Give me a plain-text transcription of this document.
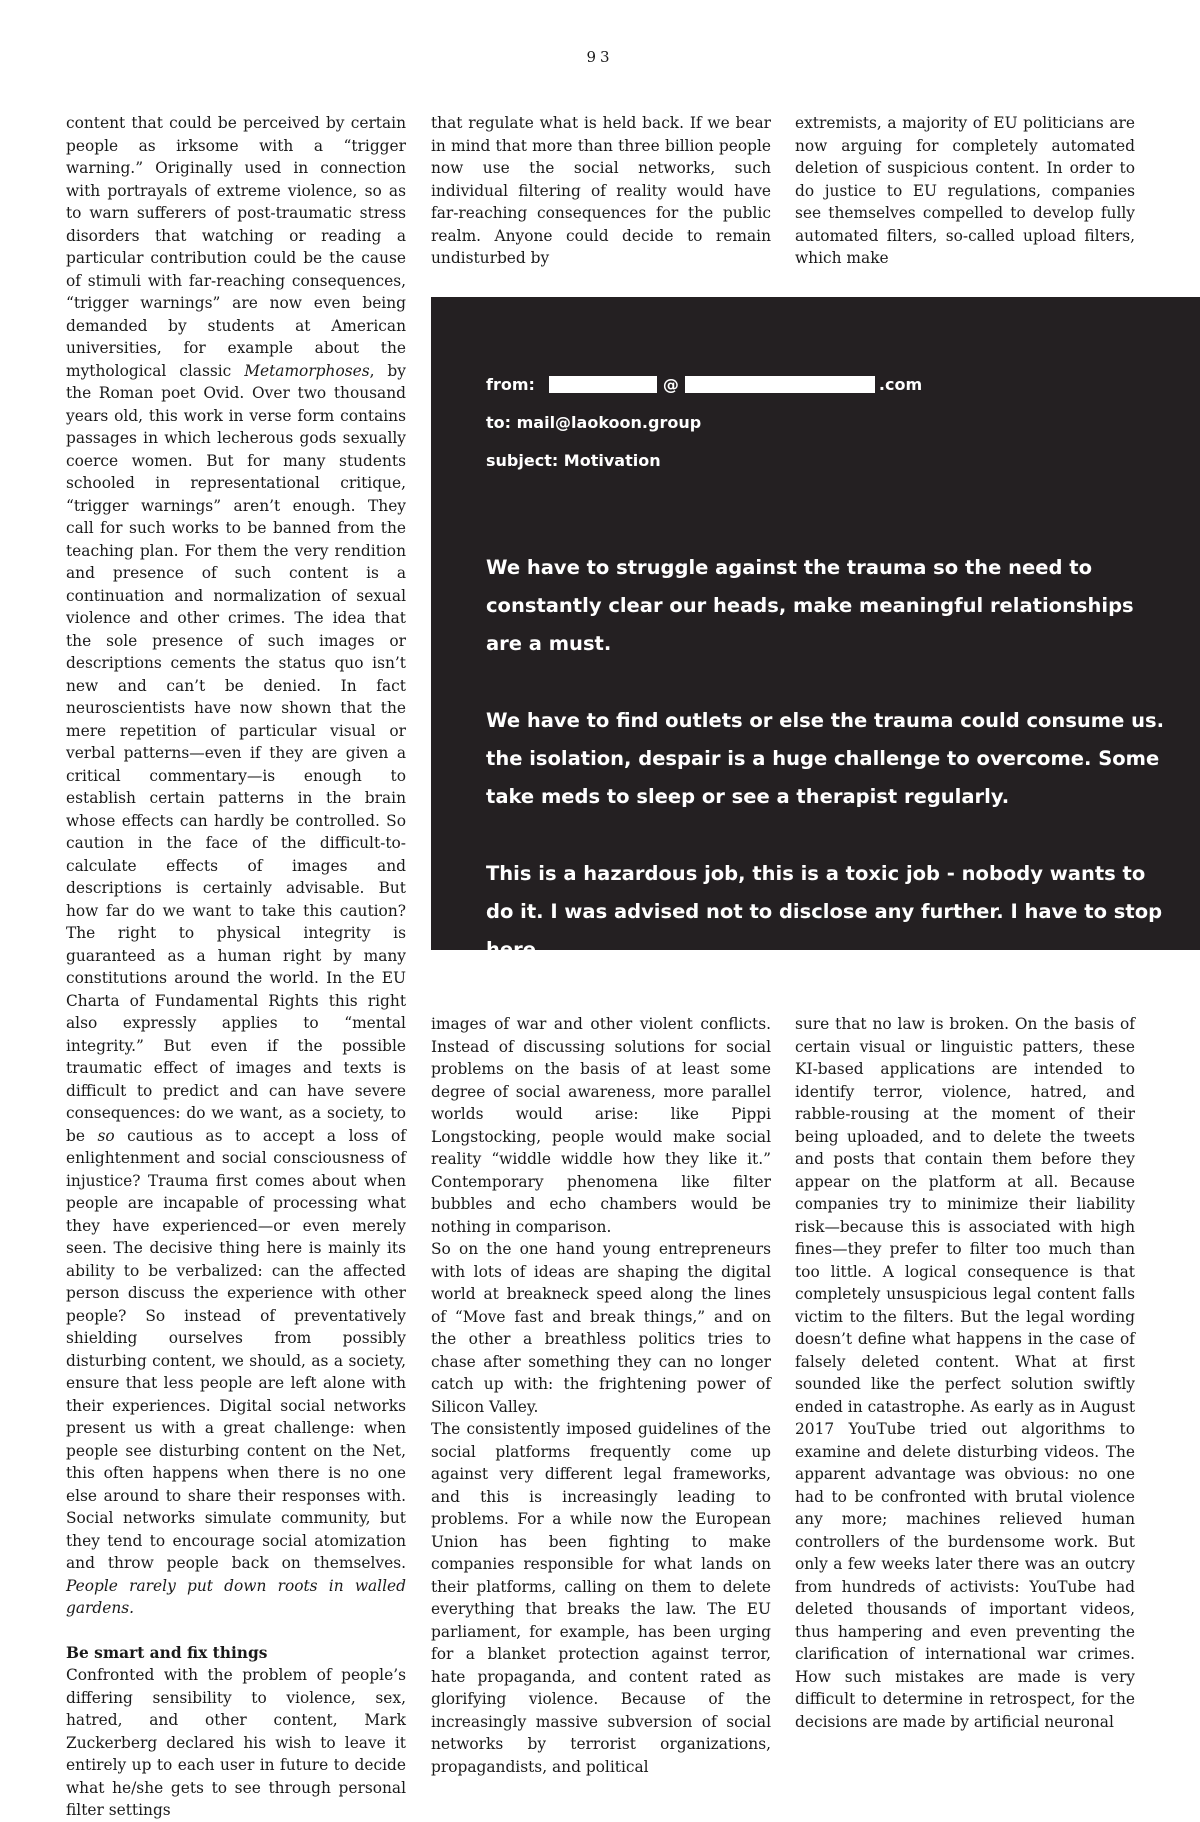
93

content that could be perceived by certain people as irksome with a “trigger warning.” Originally used in connection with portrayals of extreme violence, so as to warn sufferers of post-traumatic stress disorders that watching or reading a particular contribution could be the cause of stimuli with far-reaching consequences, “trigger warnings” are now even being demanded by students at American universities, for example about the mythological classic Metamorphoses, by the Roman poet Ovid. Over two thousand years old, this work in verse form contains passages in which lecherous gods sexually coerce women. But for many students schooled in representational critique, “trigger warnings” aren’t enough. They call for such works to be banned from the teaching plan. For them the very rendition and presence of such content is a continuation and normalization of sexual violence and other crimes. The idea that the sole presence of such images or descriptions cements the status quo isn’t new and can’t be denied. In fact neuroscientists have now shown that the mere repetition of particular visual or verbal patterns—even if they are given a critical commentary—is enough to establish certain patterns in the brain whose effects can hardly be controlled. So caution in the face of the difficult-to-calculate effects of images and descriptions is certainly advisable. But how far do we want to take this caution? The right to physical integrity is guaranteed as a human right by many constitutions around the world. In the EU Charta of Fundamental Rights this right also expressly applies to “mental integrity.” But even if the possible traumatic effect of images and texts is difficult to predict and can have severe consequences: do we want, as a society, to be so cautious as to accept a loss of enlightenment and social consciousness of injustice? Trauma first comes about when people are incapable of processing what they have experienced—or even merely seen. The decisive thing here is mainly its ability to be verbalized: can the affected person discuss the experience with other people? So instead of preventatively shielding ourselves from possibly disturbing content, we should, as a society, ensure that less people are left alone with their experiences. Digital social networks present us with a great challenge: when people see disturbing content on the Net, this often happens when there is no one else around to share their responses with. Social networks simulate community, but they tend to encourage social atomization and throw people back on themselves. People rarely put down roots in walled gardens.

Be smart and fix things

Confronted with the problem of people’s differing sensibility to violence, sex, hatred, and other content, Mark Zuckerberg declared his wish to leave it entirely up to each user in future to decide what he/she gets to see through personal filter settings

that regulate what is held back. If we bear in mind that more than three billion people now use the social networks, such individual filtering of reality would have far-reaching consequences for the public realm. Anyone could decide to remain undisturbed by

extremists, a majority of EU politicians are now arguing for completely automated deletion of suspicious content. In order to do justice to EU regulations, companies see themselves compelled to develop fully automated filters, so-called upload filters, which make

from:	@	.com
to: mail@laokoon.group
subject: Motivation

We have to struggle against the trauma so the need to constantly clear our heads, make meaningful relationships are a must.

We have to find outlets or else the trauma could consume us. the isolation, despair is a huge challenge to overcome. Some take meds to sleep or see a therapist regularly.

This is a hazardous job, this is a toxic job - nobody wants to do it. I was advised not to disclose any further. I have to stop here.

images of war and other violent conflicts. Instead of discussing solutions for social problems on the basis of at least some degree of social awareness, more parallel worlds would arise: like Pippi Longstocking, people would make social reality “widdle widdle how they like it.” Contemporary phenomena like filter bubbles and echo chambers would be nothing in comparison.

So on the one hand young entrepreneurs with lots of ideas are shaping the digital world at breakneck speed along the lines of “Move fast and break things,” and on the other a breathless politics tries to chase after something they can no longer catch up with: the frightening power of Silicon Valley.

The consistently imposed guidelines of the social platforms frequently come up against very different legal frameworks, and this is increasingly leading to problems. For a while now the European Union has been fighting to make companies responsible for what lands on their platforms, calling on them to delete everything that breaks the law. The EU parliament, for example, has been urging for a blanket protection against terror, hate propaganda, and content rated as glorifying violence. Because of the increasingly massive subversion of social networks by terrorist organizations, propagandists, and political

sure that no law is broken. On the basis of certain visual or linguistic patters, these KI-based applications are intended to identify terror, violence, hatred, and rabble-rousing at the moment of their being uploaded, and to delete the tweets and posts that contain them before they appear on the platform at all. Because companies try to minimize their liability risk—because this is associated with high fines—they prefer to filter too much than too little. A logical consequence is that completely unsuspicious legal content falls victim to the filters. But the legal wording doesn’t define what happens in the case of falsely deleted content. What at first sounded like the perfect solution swiftly ended in catastrophe. As early as in August 2017 YouTube tried out algorithms to examine and delete disturbing videos. The apparent advantage was obvious: no one had to be confronted with brutal violence any more; machines relieved human controllers of the burdensome work. But only a few weeks later there was an outcry from hundreds of activists: YouTube had deleted thousands of important videos, thus hampering and even preventing the clarification of international war crimes. How such mistakes are made is very difficult to determine in retrospect, for the decisions are made by artificial neuronal
